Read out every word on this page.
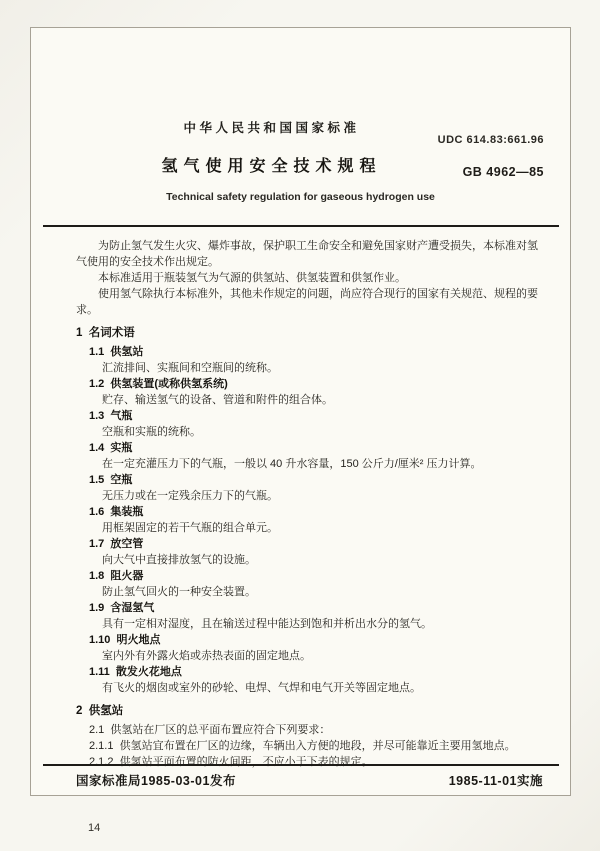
中华人民共和国国家标准
UDC 614.83:661.96
氢气使用安全技术规程	GB 4962—85
Technical safety regulation for gaseous hydrogen use

为防止氢气发生火灾、爆炸事故，保护职工生命安全和避免国家财产遭受损失，本标准对氢气使用的安全技术作出规定。

本标准适用于瓶装氢气为气源的供氢站、供氢装置和供氢作业。

使用氢气除执行本标准外，其他未作规定的问题，尚应符合现行的国家有关规范、规程的要求。

1  名词术语
1.1  供氢站
汇流排间、实瓶间和空瓶间的统称。
1.2  供氢装置(或称供氢系统)
贮存、输送氢气的设备、管道和附件的组合体。
1.3  气瓶
空瓶和实瓶的统称。
1.4  实瓶
在一定充灌压力下的气瓶，一般以 40 升水容量，150 公斤力/厘米² 压力计算。
1.5  空瓶
无压力或在一定残余压力下的气瓶。
1.6  集装瓶
用框架固定的若干气瓶的组合单元。
1.7  放空管
向大气中直接排放氢气的设施。
1.8  阻火器
防止氢气回火的一种安全装置。
1.9  含湿氢气
具有一定相对湿度，且在输送过程中能达到饱和并析出水分的氢气。
1.10  明火地点
室内外有外露火焰或赤热表面的固定地点。
1.11  散发火花地点
有飞火的烟囱或室外的砂轮、电焊、气焊和电气开关等固定地点。
2  供氢站
2.1  供氢站在厂区的总平面布置应符合下列要求：
2.1.1  供氢站宜布置在厂区的边缘，车辆出入方便的地段，并尽可能靠近主要用氢地点。
2.1.2  供氢站平面布置的防火间距，不应小于下表的规定。
国家标准局1985-03-01发布	1985-11-01实施
14
